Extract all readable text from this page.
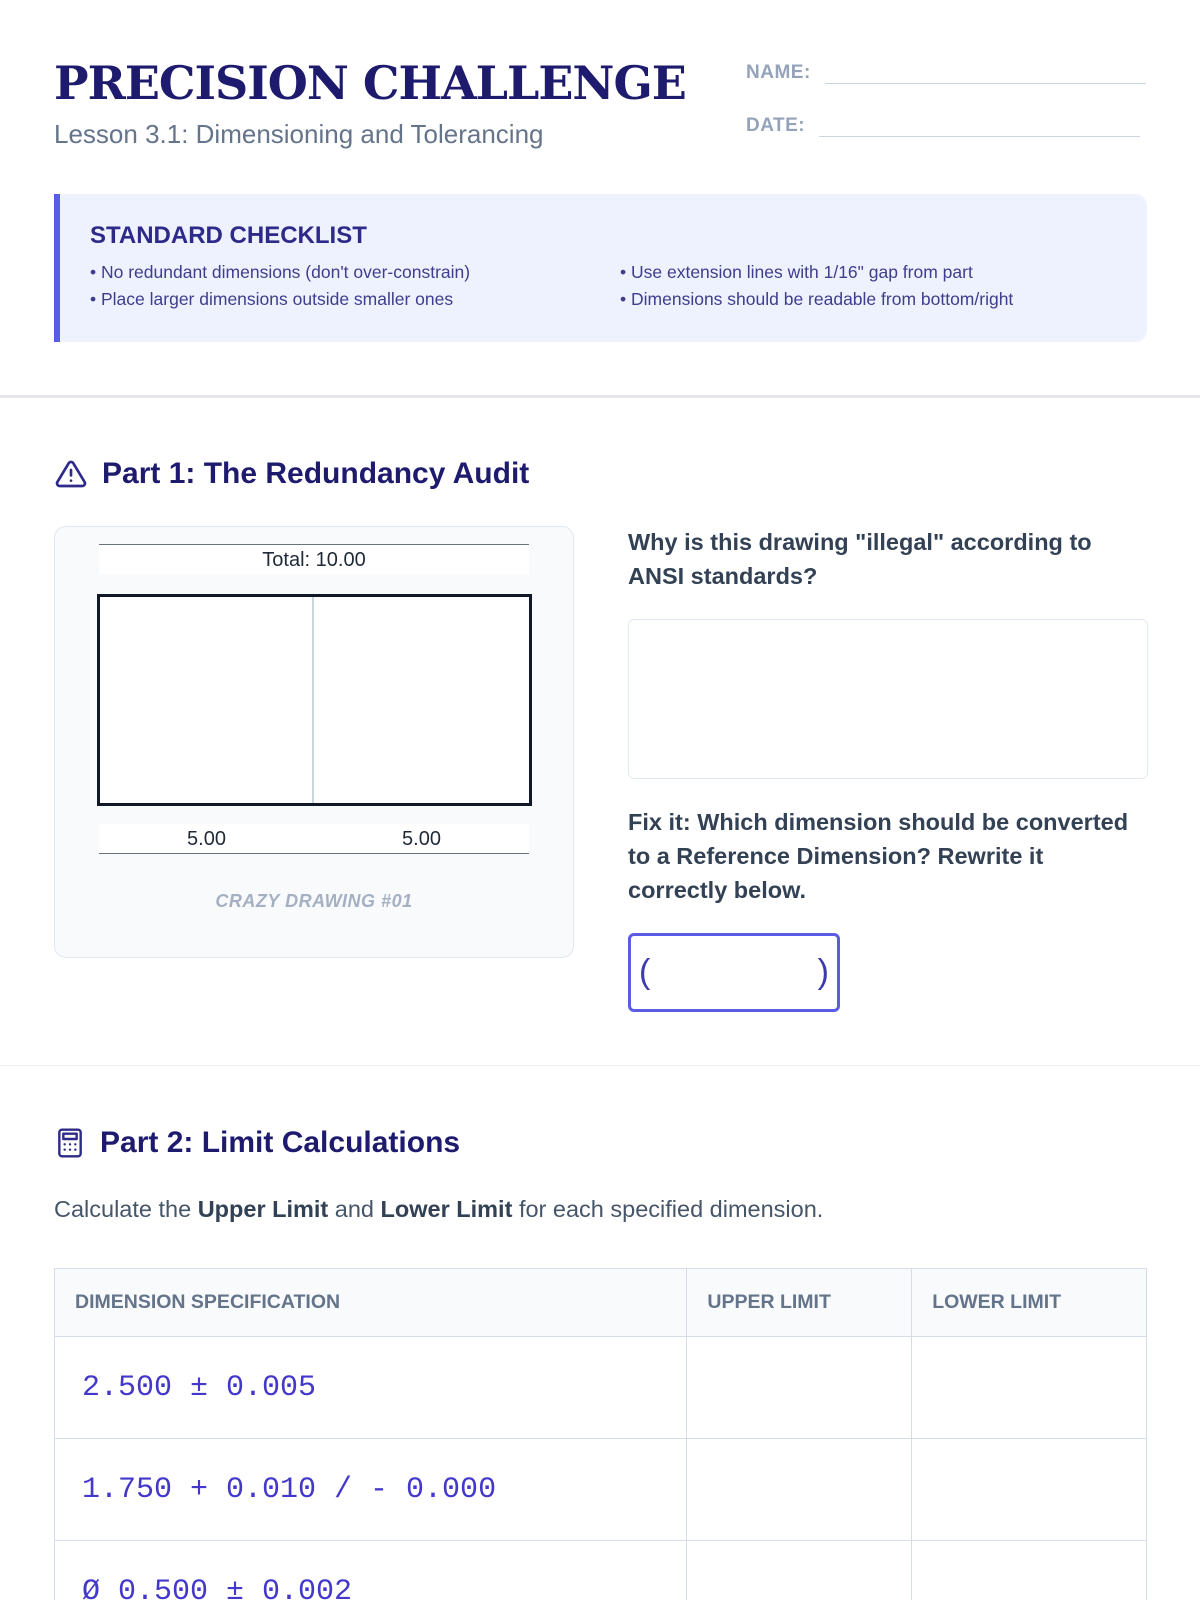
PRECISION CHALLENGE
Lesson 3.1: Dimensioning and Tolerancing
NAME:
DATE:
STANDARD CHECKLIST
• No redundant dimensions (don't over-constrain)	• Use extension lines with 1/16" gap from part
• Place larger dimensions outside smaller ones	• Dimensions should be readable from bottom/right
Part 1: The Redundancy Audit
Total: 10.00
5.00	5.00
CRAZY DRAWING #01
Why is this drawing "illegal" according to ANSI standards?
Fix it: Which dimension should be converted to a Reference Dimension? Rewrite it correctly below.
(	)
Part 2: Limit Calculations
Calculate the Upper Limit and Lower Limit for each specified dimension.
DIMENSION SPECIFICATION	UPPER LIMIT	LOWER LIMIT
2.500 ± 0.005		
1.750 + 0.010 / - 0.000		
Ø 0.500 ± 0.002		
